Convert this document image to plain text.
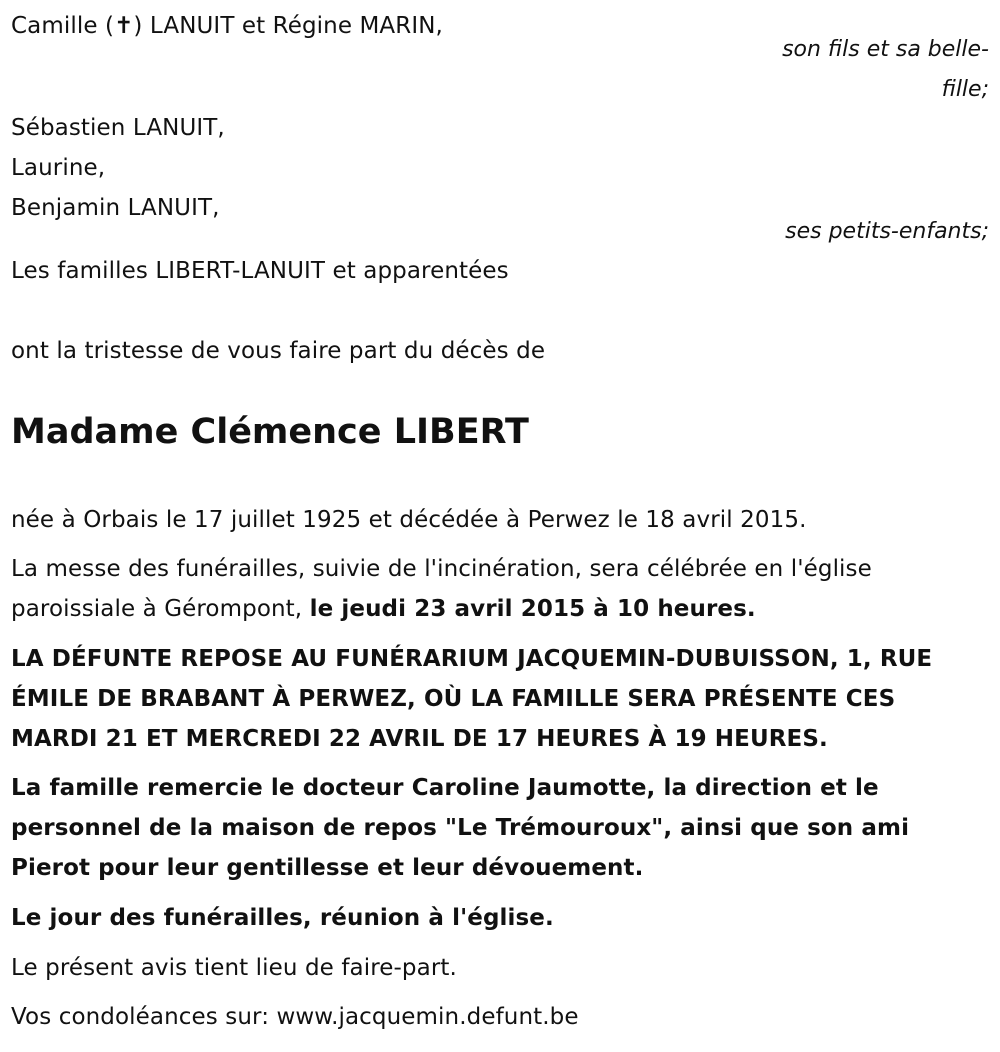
Camille (✝) LANUIT et Régine MARIN,
son fils et sa belle-
fille;
Sébastien LANUIT,
Laurine,
Benjamin LANUIT,
ses petits-enfants;
Les familles LIBERT-LANUIT et apparentées
ont la tristesse de vous faire part du décès de
Madame Clémence LIBERT
née à Orbais le 17 juillet 1925 et décédée à Perwez le 18 avril 2015.
La messe des funérailles, suivie de l'incinération, sera célébrée en l'église
paroissiale à Gérompont, le jeudi 23 avril 2015 à 10 heures.
LA DÉFUNTE REPOSE AU FUNÉRARIUM JACQUEMIN-DUBUISSON, 1, RUE
ÉMILE DE BRABANT À PERWEZ, OÙ LA FAMILLE SERA PRÉSENTE CES
MARDI 21 ET MERCREDI 22 AVRIL DE 17 HEURES À 19 HEURES.
La famille remercie le docteur Caroline Jaumotte, la direction et le
personnel de la maison de repos "Le Trémouroux", ainsi que son ami
Pierot pour leur gentillesse et leur dévouement.
Le jour des funérailles, réunion à l'église.
Le présent avis tient lieu de faire-part.
Vos condoléances sur: www.jacquemin.defunt.be
